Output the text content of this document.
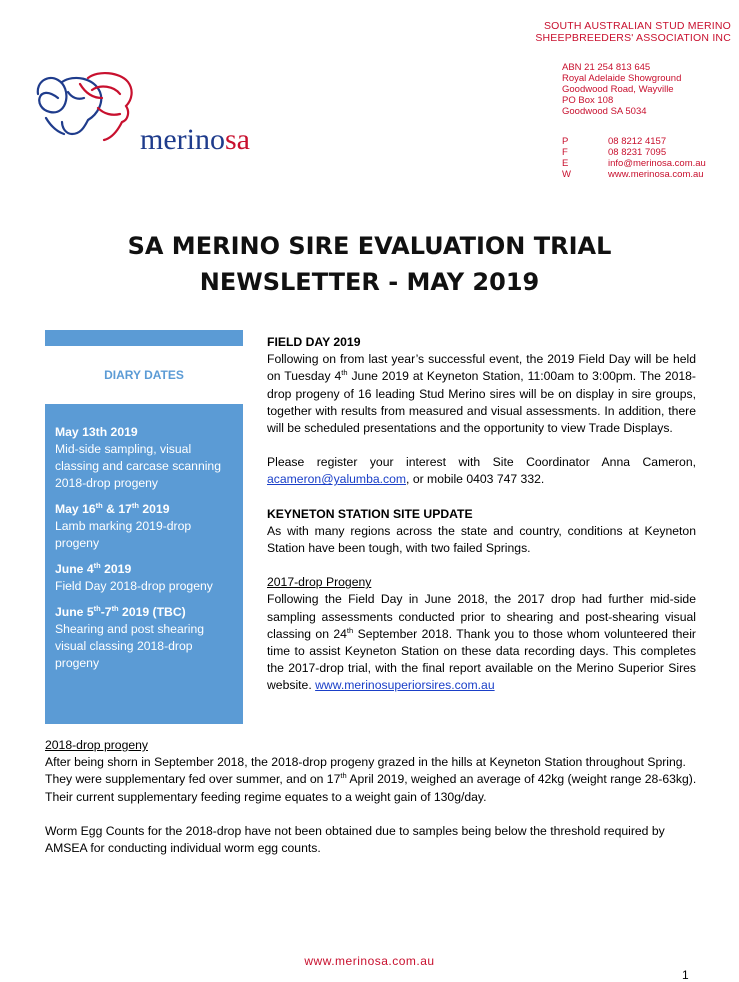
SOUTH AUSTRALIAN STUD MERINO
SHEEPBREEDERS' ASSOCIATION INC
ABN 21 254 813 645
Royal Adelaide Showground
Goodwood Road, Wayville
PO Box 108
Goodwood SA 5034
P	08 8212 4157
F	08 8231 7095
E	info@merinosa.com.au
W	www.merinosa.com.au
merinosa
SA MERINO SIRE EVALUATION TRIAL
NEWSLETTER - MAY 2019
DIARY DATES
May 13th 2019
Mid-side sampling, visual classing and carcase scanning 2018-drop progeny
May 16th & 17th 2019
Lamb marking 2019-drop progeny
June 4th 2019
Field Day 2018-drop progeny
June 5th-7th 2019 (TBC)
Shearing and post shearing visual classing 2018-drop progeny

FIELD DAY 2019

Following on from last year’s successful event, the 2019 Field Day will be held on Tuesday 4th June 2019 at Keyneton Station, 11:00am to 3:00pm. The 2018-drop progeny of 16 leading Stud Merino sires will be on display in sire groups, together with results from measured and visual assessments. In addition, there will be scheduled presentations and the opportunity to view Trade Displays.

Please register your interest with Site Coordinator Anna Cameron, acameron@yalumba.com, or mobile 0403 747 332.

KEYNETON STATION SITE UPDATE

As with many regions across the state and country, conditions at Keyneton Station have been tough, with two failed Springs.

2017-drop Progeny

Following the Field Day in June 2018, the 2017 drop had further mid-side sampling assessments conducted prior to shearing and post-shearing visual classing on 24th September 2018. Thank you to those whom volunteered their time to assist Keyneton Station on these data recording days. This completes the 2017-drop trial, with the final report available on the Merino Superior Sires website. www.merinosuperiorsires.com.au

2018-drop progeny

After being shorn in September 2018, the 2018-drop progeny grazed in the hills at Keyneton Station throughout Spring. They were supplementary fed over summer, and on 17th April 2019, weighed an average of 42kg (weight range 28-63kg). Their current supplementary feeding regime equates to a weight gain of 130g/day.

Worm Egg Counts for the 2018-drop have not been obtained due to samples being below the threshold required by AMSEA for conducting individual worm egg counts.

www.merinosa.com.au
1
